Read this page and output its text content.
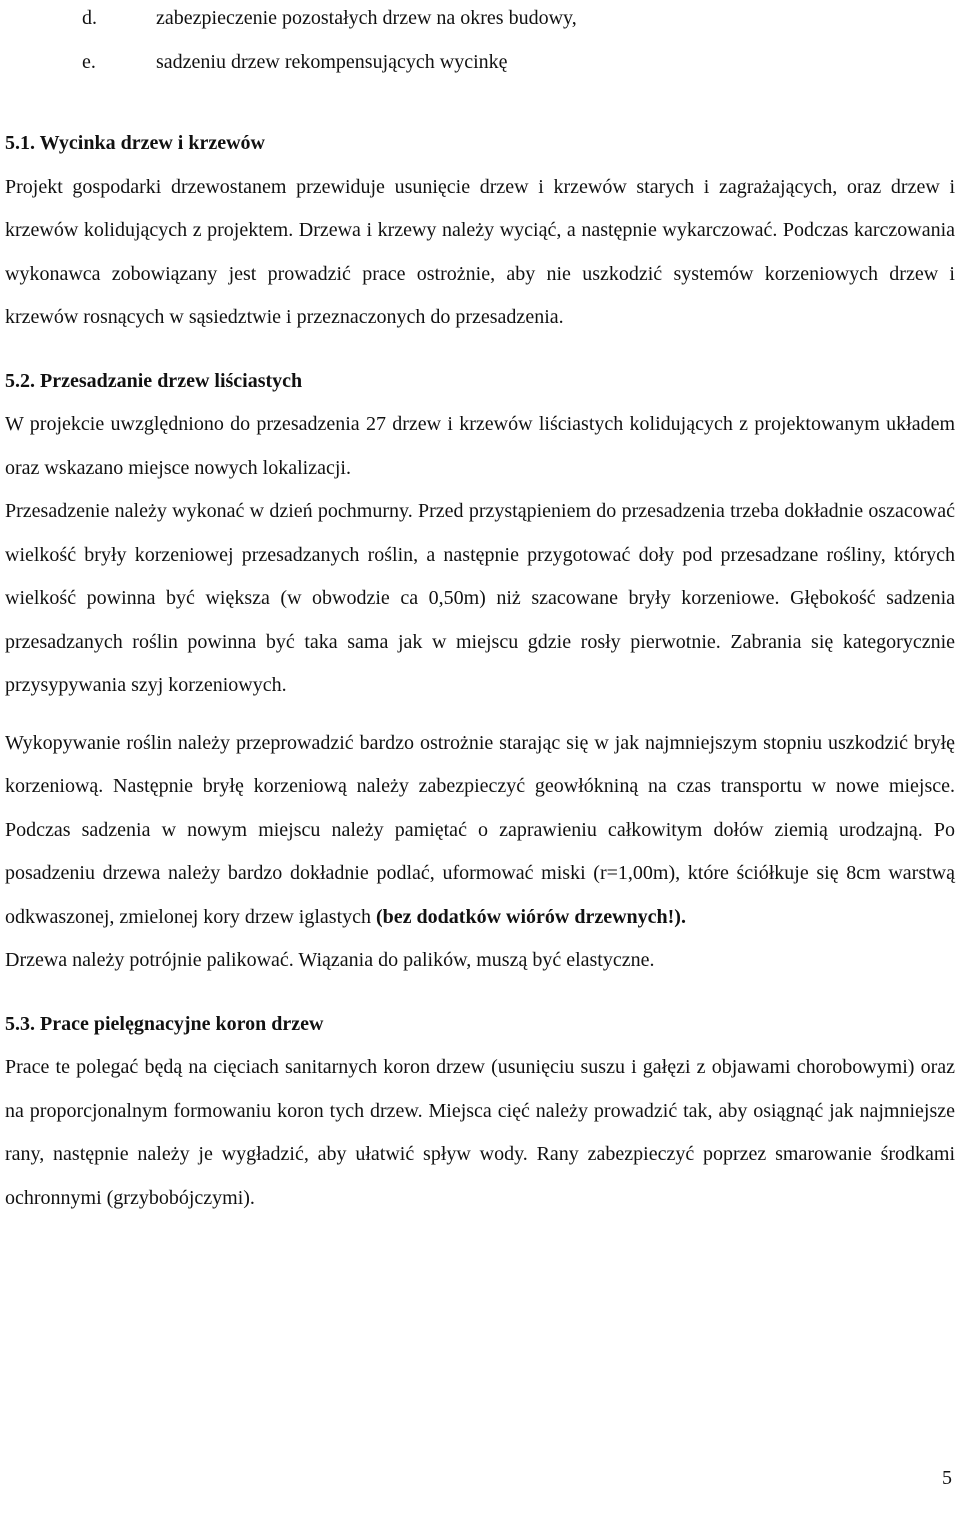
d.	zabezpieczenie pozostałych drzew na okres budowy,
e.	sadzeniu drzew rekompensujących wycinkę
5.1. Wycinka drzew i krzewów

Projekt gospodarki drzewostanem przewiduje usunięcie drzew i krzewów starych i zagrażających, oraz drzew i krzewów kolidujących z projektem. Drzewa i krzewy należy wyciąć, a następnie wykarczować. Podczas karczowania wykonawca zobowiązany jest prowadzić prace ostrożnie, aby nie uszkodzić systemów korzeniowych drzew i krzewów rosnących w sąsiedztwie i przeznaczonych do przesadzenia.

5.2. Przesadzanie drzew liściastych

W projekcie uwzględniono do przesadzenia 27 drzew i krzewów liściastych kolidujących z projektowanym układem oraz wskazano miejsce nowych lokalizacji.

Przesadzenie należy wykonać w dzień pochmurny. Przed przystąpieniem do przesadzenia trzeba dokładnie oszacować wielkość bryły korzeniowej przesadzanych roślin, a następnie przygotować doły pod przesadzane rośliny, których wielkość powinna być większa (w obwodzie ca 0,50m) niż szacowane bryły korzeniowe. Głębokość sadzenia przesadzanych roślin powinna być taka sama jak w miejscu gdzie rosły pierwotnie. Zabrania się kategorycznie przysypywania szyj korzeniowych.

Wykopywanie roślin należy przeprowadzić bardzo ostrożnie starając się w jak najmniejszym stopniu uszkodzić bryłę korzeniową. Następnie bryłę korzeniową należy zabezpieczyć geowłókniną na czas transportu w nowe miejsce. Podczas sadzenia w nowym miejscu należy pamiętać o zaprawieniu całkowitym dołów ziemią urodzajną. Po posadzeniu drzewa należy bardzo dokładnie podlać, uformować miski (r=1,00m), które ściółkuje się 8cm warstwą odkwaszonej, zmielonej kory drzew iglastych (bez dodatków wiórów drzewnych!).

Drzewa należy potrójnie palikować. Wiązania do palików, muszą być elastyczne.

5.3. Prace pielęgnacyjne koron drzew

Prace te polegać będą na cięciach sanitarnych koron drzew (usunięciu suszu i gałęzi z objawami chorobowymi) oraz na proporcjonalnym formowaniu koron tych drzew. Miejsca cięć należy prowadzić tak, aby osiągnąć jak najmniejsze rany, następnie należy je wygładzić, aby ułatwić spływ wody. Rany zabezpieczyć poprzez smarowanie środkami ochronnymi (grzybobójczymi).

5
